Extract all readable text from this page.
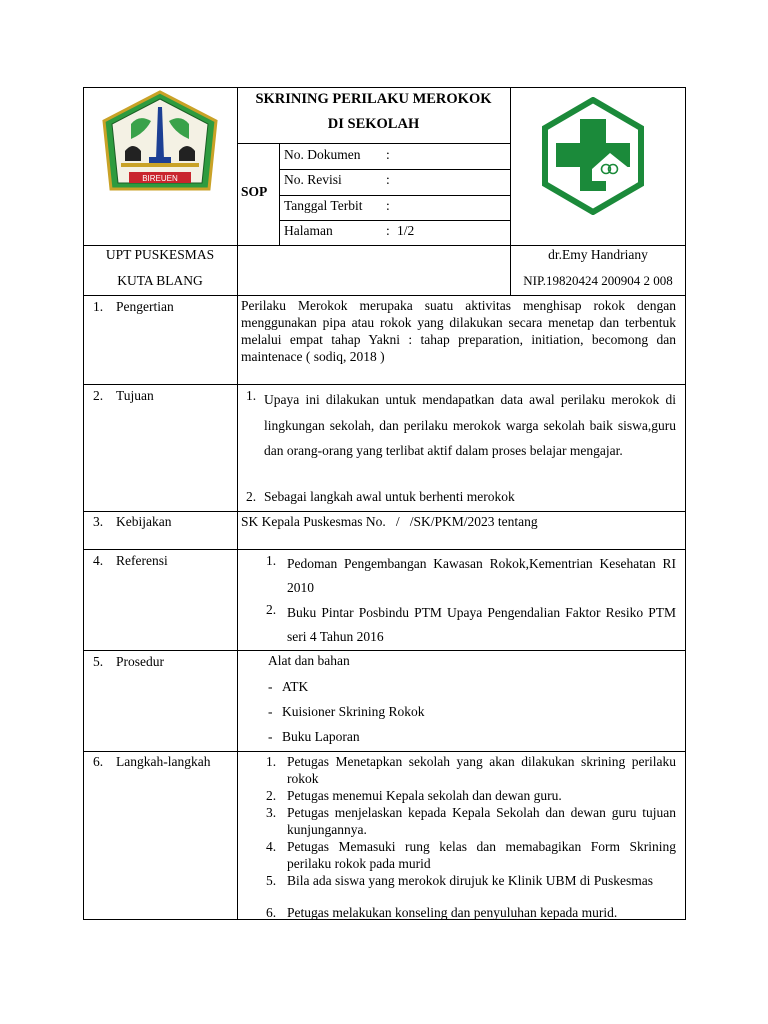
BIREUEN
SKRINING PERILAKU MEROKOK
DI SEKOLAH
SOP
No. Dokumen :
No. Revisi	:
Tanggal Terbit :
Halaman	: 1/2
UPT PUSKESMAS
KUTA BLANG
dr.Emy Handriany
NIP.19820424 200904 2 008
1. Pengertian	Perilaku Merokok merupaka suatu aktivitas menghisap rokok dengan menggunakan pipa atau rokok yang dilakukan secara menetap dan terbentuk melalui empat tahap Yakni : tahap preparation, initiation, becomong dan maintenace ( sodiq, 2018 )
2. Tujuan	1. Upaya ini dilakukan untuk mendapatkan data awal perilaku merokok di lingkungan sekolah, dan perilaku merokok warga sekolah baik siswa,guru dan orang-orang yang terlibat aktif dalam proses belajar mengajar.
2. Sebagai langkah awal untuk berhenti merokok
3. Kebijakan	SK Kepala Puskesmas No.   /   /SK/PKM/2023 tentang
4. Referensi	1. Pedoman Pengembangan Kawasan Rokok,Kementrian Kesehatan RI 2010
2. Buku Pintar Posbindu PTM Upaya Pengendalian Faktor Resiko PTM seri 4 Tahun 2016
5. Prosedur	Alat dan bahan
- ATK
- Kuisioner Skrining Rokok
- Buku Laporan
6. Langkah-langkah	1. Petugas Menetapkan sekolah yang akan dilakukan skrining perilaku rokok
2. Petugas menemui Kepala sekolah dan dewan guru.
3. Petugas menjelaskan kepada Kepala Sekolah dan dewan guru tujuan kunjungannya.
4. Petugas Memasuki rung kelas dan memabagikan Form Skrining perilaku rokok pada murid
5. Bila ada siswa yang merokok dirujuk ke Klinik UBM di Puskesmas
6. Petugas melakukan konseling dan penyuluhan kepada murid.
